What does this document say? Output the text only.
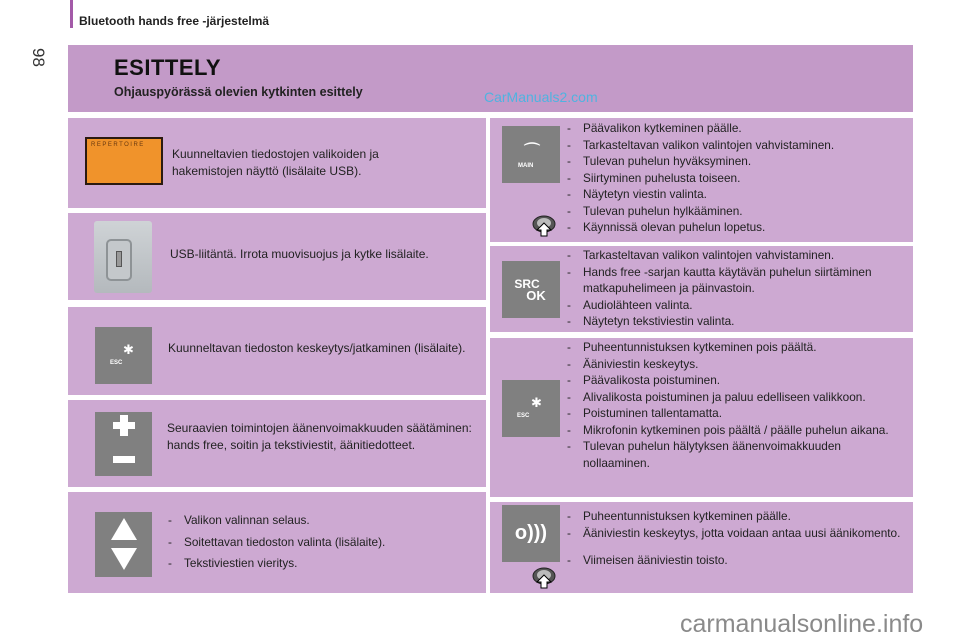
Bluetooth hands free -järjestelmä
98	ESITTELY
Ohjauspyörässä olevien kytkinten esittely	CarManuals2.com
REPERTOIRE
Kuunneltavien tiedostojen valikoiden ja hakemistojen näyttö (lisälaite USB).
USB-liitäntä. Irrota muovisuojus ja kytke lisälaite.
✱
ESC
Kuunneltavan tiedoston keskeytys/jatkaminen (lisälaite).
Seuraavien toimintojen äänenvoimakkuuden säätäminen: hands free, soitin ja tekstiviestit, äänitiedotteet.
- Valikon valinnan selaus.
- Soitettavan tiedoston valinta (lisälaite).
- Tekstiviestien vieritys.
⌒
MAIN
- Päävalikon kytkeminen päälle.
- Tarkasteltavan valikon valintojen vahvistaminen.
- Tulevan puhelun hyväksyminen.
- Siirtyminen puhelusta toiseen.
- Näytetyn viestin valinta.
- Tulevan puhelun hylkääminen.
- Käynnissä olevan puhelun lopetus.
SRC
OK
- Tarkasteltavan valikon valintojen vahvistaminen.
- Hands free -sarjan kautta käytävän puhelun siirtäminen matkapuhelimeen ja päinvastoin.
- Audiolähteen valinta.
- Näytetyn tekstiviestin valinta.
✱
ESC
- Puheentunnistuksen kytkeminen pois päältä.
- Ääniviestin keskeytys.
- Päävalikosta poistuminen.
- Alivalikosta poistuminen ja paluu edelliseen valikkoon.
- Poistuminen tallentamatta.
- Mikrofonin kytkeminen pois päältä / päälle puhelun aikana.
- Tulevan puhelun hälytyksen äänenvoimakkuuden nollaaminen.
o)))
- Puheentunnistuksen kytkeminen päälle.
- Ääniviestin keskeytys, jotta voidaan antaa uusi äänikomento.
- Viimeisen ääniviestin toisto.
carmanualsonline.info
